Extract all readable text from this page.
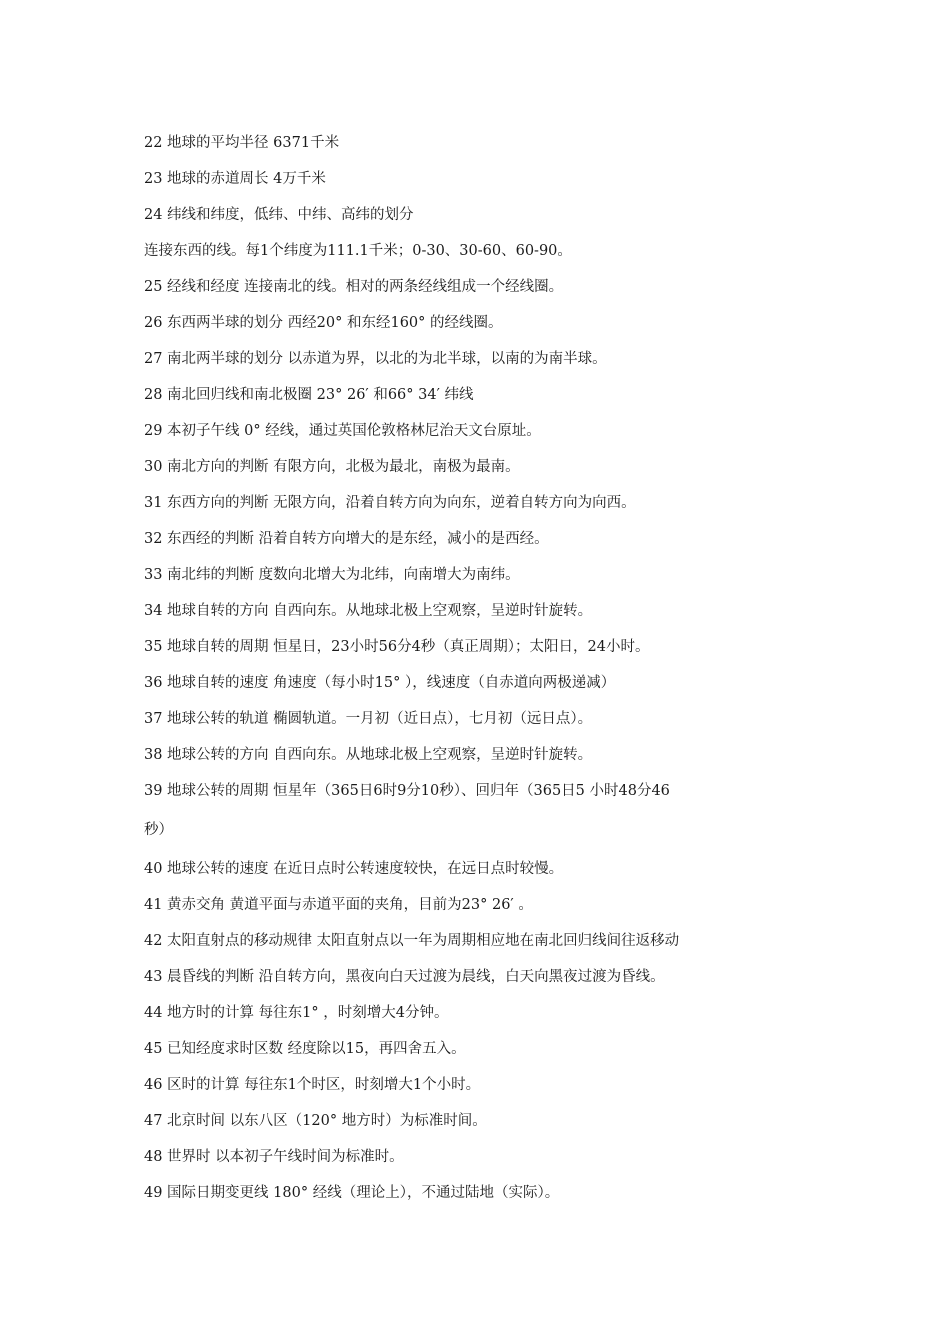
22 地球的平均半径 6371千米
23 地球的赤道周长 4万千米
24 纬线和纬度，低纬、中纬、高纬的划分
连接东西的线。每1个纬度为111.1千米；0-30、30-60、60-90。
25 经线和经度 连接南北的线。相对的两条经线组成一个经线圈。
26 东西两半球的划分 西经20° 和东经160° 的经线圈。
27 南北两半球的划分 以赤道为界，以北的为北半球，以南的为南半球。
28 南北回归线和南北极圈 23° 26′ 和66° 34′ 纬线
29 本初子午线 0° 经线，通过英国伦敦格林尼治天文台原址。
30 南北方向的判断 有限方向，北极为最北，南极为最南。
31 东西方向的判断 无限方向，沿着自转方向为向东，逆着自转方向为向西。
32 东西经的判断 沿着自转方向增大的是东经，减小的是西经。
33 南北纬的判断 度数向北增大为北纬，向南增大为南纬。
34 地球自转的方向 自西向东。从地球北极上空观察，呈逆时针旋转。
35 地球自转的周期 恒星日，23小时56分4秒（真正周期）；太阳日，24小时。
36 地球自转的速度 角速度（每小时15° ），线速度（自赤道向两极递减）
37 地球公转的轨道 椭圆轨道。一月初（近日点），七月初（远日点）。
38 地球公转的方向 自西向东。从地球北极上空观察，呈逆时针旋转。
39 地球公转的周期 恒星年（365日6时9分10秒）、回归年（365日5 小时48分46
秒）
40 地球公转的速度 在近日点时公转速度较快，在远日点时较慢。
41 黄赤交角 黄道平面与赤道平面的夹角，目前为23° 26′ 。
42 太阳直射点的移动规律 太阳直射点以一年为周期相应地在南北回归线间往返移动
43 晨昏线的判断 沿自转方向，黑夜向白天过渡为晨线，白天向黑夜过渡为昏线。
44 地方时的计算 每往东1° ，时刻增大4分钟。
45 已知经度求时区数 经度除以15，再四舍五入。
46 区时的计算 每往东1个时区，时刻增大1个小时。
47 北京时间 以东八区（120° 地方时）为标准时间。
48 世界时 以本初子午线时间为标准时。
49 国际日期变更线 180° 经线（理论上），不通过陆地（实际）。
